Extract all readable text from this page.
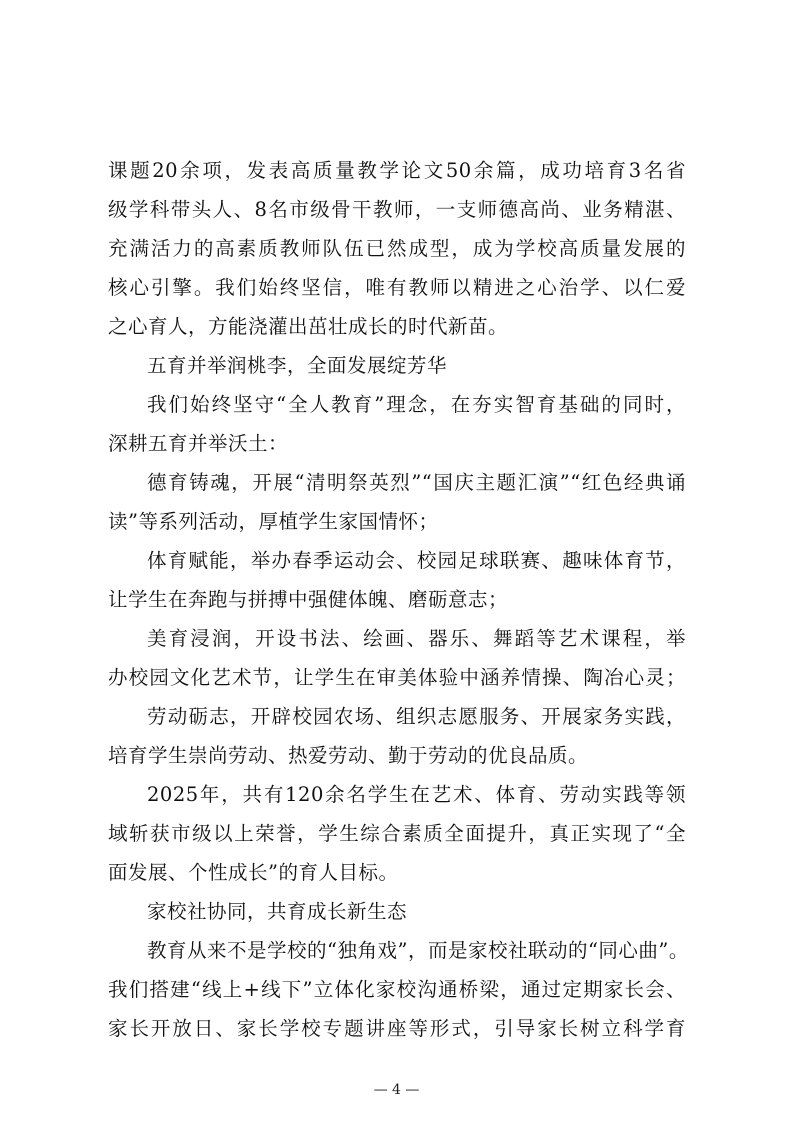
课题20余项，发表高质量教学论文50余篇，成功培育3名省
级学科带头人、8名市级骨干教师，一支师德高尚、业务精湛、
充满活力的高素质教师队伍已然成型，成为学校高质量发展的
核心引擎。我们始终坚信，唯有教师以精进之心治学、以仁爱
之心育人，方能浇灌出茁壮成长的时代新苗。
五育并举润桃李，全面发展绽芳华
我们始终坚守“全人教育”理念，在夯实智育基础的同时，
深耕五育并举沃土：
德育铸魂，开展“清明祭英烈”“国庆主题汇演”“红色经典诵
读”等系列活动，厚植学生家国情怀；
体育赋能，举办春季运动会、校园足球联赛、趣味体育节，
让学生在奔跑与拼搏中强健体魄、磨砺意志；
美育浸润，开设书法、绘画、器乐、舞蹈等艺术课程，举
办校园文化艺术节，让学生在审美体验中涵养情操、陶冶心灵；
劳动砺志，开辟校园农场、组织志愿服务、开展家务实践，
培育学生崇尚劳动、热爱劳动、勤于劳动的优良品质。
2025年，共有120余名学生在艺术、体育、劳动实践等领
域斩获市级以上荣誉，学生综合素质全面提升，真正实现了“全
面发展、个性成长”的育人目标。
家校社协同，共育成长新生态
教育从来不是学校的“独角戏”，而是家校社联动的“同心曲”。
我们搭建“线上+线下”立体化家校沟通桥梁，通过定期家长会、
家长开放日、家长学校专题讲座等形式，引导家长树立科学育
— 4 —
